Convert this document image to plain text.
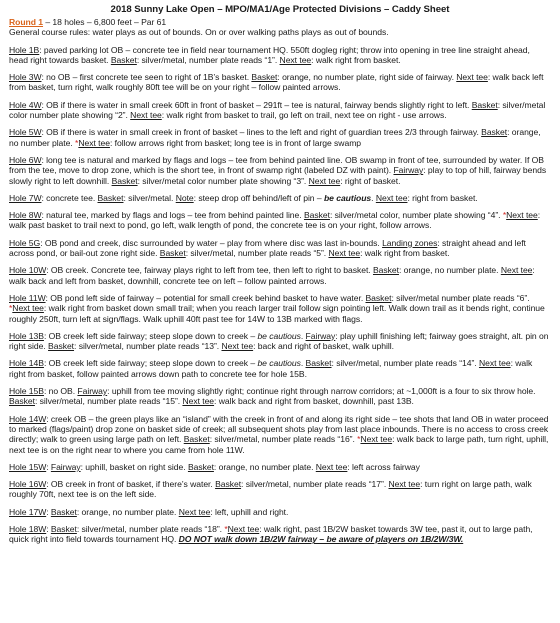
2018 Sunny Lake Open – MPO/MA1/Age Protected Divisions – Caddy Sheet
Round 1 – 18 holes – 6,800 feet – Par 61
General course rules: water plays as out of bounds. On or over walking paths plays as out of bounds.
Hole 1B: paved parking lot OB – concrete tee in field near tournament HQ. 550ft dogleg right; throw into opening in tree line straight ahead, head right towards basket. Basket: silver/metal, number plate reads “1”. Next tee: walk right from basket.
Hole 3W: no OB – first concrete tee seen to right of 1B’s basket. Basket: orange, no number plate, right side of fairway. Next tee: walk back left from basket, turn right, walk roughly 80ft tee will be on your right – follow painted arrows.
Hole 4W: OB if there is water in small creek 60ft in front of basket – 291ft – tee is natural, fairway bends slightly right to left. Basket: silver/metal color number plate showing “2”. Next tee: walk right from basket to trail, go left on trail, next tee on right - use arrows.
Hole 5W: OB if there is water in small creek in front of basket – lines to the left and right of guardian trees 2/3 through fairway. Basket: orange, no number plate. *Next tee: follow arrows right from basket; long tee is in front of large swamp
Hole 6W: long tee is natural and marked by flags and logs – tee from behind painted line. OB swamp in front of tee, surrounded by water. If OB from the tee, move to drop zone, which is the short tee, in front of swamp right (labeled DZ with paint). Fairway: play to top of hill, fairway bends slowly right to left downhill. Basket: silver/metal color number plate showing “3”. Next tee: right of basket.
Hole 7W: concrete tee. Basket: silver/metal. Note: steep drop off behind/left of pin – be cautious. Next tee: right from basket.
Hole 8W: natural tee, marked by flags and logs – tee from behind painted line. Basket: silver/metal color, number plate showing “4”. *Next tee: walk past basket to trail next to pond, go left, walk length of pond, the concrete tee is on your right, follow arrows.
Hole 5G: OB pond and creek, disc surrounded by water – play from where disc was last in-bounds. Landing zones: straight ahead and left across pond, or bail-out zone right side. Basket: silver/metal, number plate reads “5”. Next tee: walk right from basket.
Hole 10W: OB creek. Concrete tee, fairway plays right to left from tee, then left to right to basket. Basket: orange, no number plate. Next tee: walk back and left from basket, downhill, concrete tee on left – follow painted arrows.
Hole 11W: OB pond left side of fairway – potential for small creek behind basket to have water. Basket: silver/metal number plate reads “6”. *Next tee: walk right from basket down small trail; when you reach larger trail follow sign pointing left. Walk down trail as it bends right, continue roughly 250ft, turn left at sign/flags. Walk uphill 40ft past tee for 14W to 13B marked with flags.
Hole 13B: OB creek left side fairway; steep slope down to creek – be cautious. Fairway: play uphill finishing left; fairway goes straight, alt. pin on right side. Basket: silver/metal, number plate reads “13”. Next tee: back and right of basket, walk uphill.
Hole 14B: OB creek left side fairway; steep slope down to creek – be cautious. Basket: silver/metal, number plate reads “14”. Next tee: walk right from basket, follow painted arrows down path to concrete tee for hole 15B.
Hole 15B: no OB. Fairway: uphill from tee moving slightly right; continue right through narrow corridors; at ~1,000ft is a four to six throw hole. Basket: silver/metal, number plate reads “15”. Next tee: walk back and right from basket, downhill, past 13B.
Hole 14W: creek OB – the green plays like an “island” with the creek in front of and along its right side – tee shots that land OB in water proceed to marked (flags/paint) drop zone on basket side of creek; all subsequent shots play from last place inbounds. There is no access to cross creek directly; walk to green using large path on left. Basket: silver/metal, number plate reads “16”. *Next tee: walk back to large path, turn right, uphill, next tee is on the right near to where you came from hole 11W.
Hole 15W: Fairway: uphill, basket on right side. Basket: orange, no number plate. Next tee: left across fairway
Hole 16W: OB creek in front of basket, if there’s water. Basket: silver/metal, number plate reads “17”. Next tee: turn right on large path, walk roughly 70ft, next tee is on the left side.
Hole 17W: Basket: orange, no number plate. Next tee: left, uphill and right.
Hole 18W: Basket: silver/metal, number plate reads “18”. *Next tee: walk right, past 1B/2W basket towards 3W tee, past it, out to large path, quick right into field towards tournament HQ. DO NOT walk down 1B/2W fairway – be aware of players on 1B/2W/3W.
